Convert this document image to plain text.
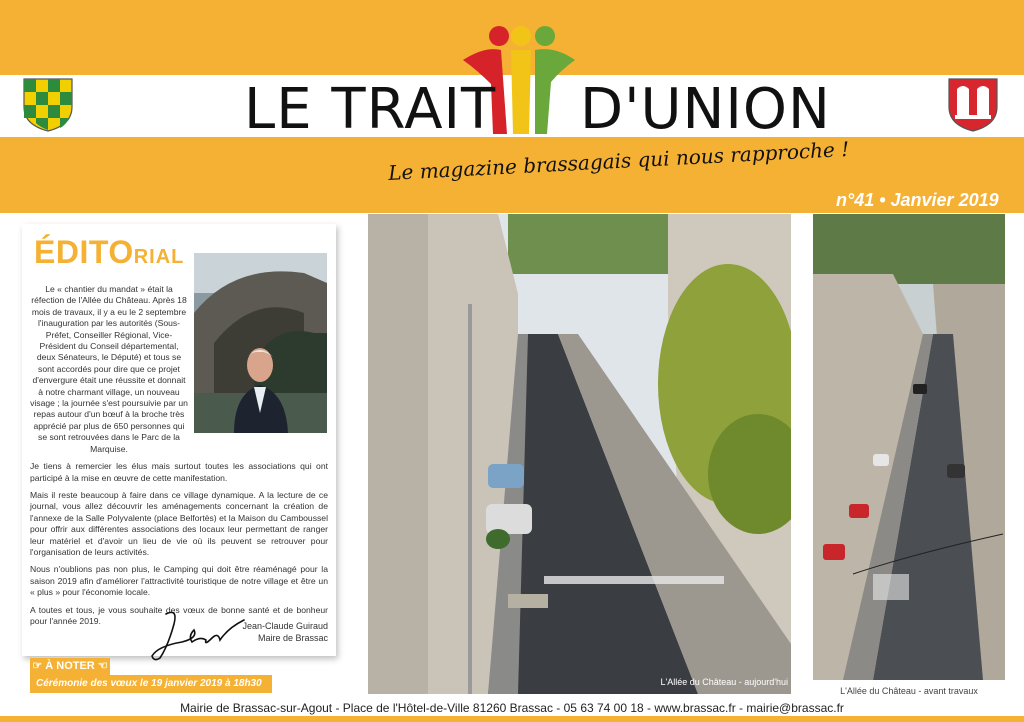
LE TRAIT D'UNION
Le magazine brassagais qui nous rapproche !
n°41 • Janvier 2019
ÉDITORIAL

Le « chantier du mandat » était la réfection de l'Allée du Château. Après 18 mois de travaux, il y a eu le 2 septembre l'inauguration par les autorités (Sous-Préfet, Conseiller Régional, Vice-Président du Conseil départemental, deux Sénateurs, le Député) et tous se sont accordés pour dire que ce projet d'envergure était une réussite et donnait à notre charmant village, un nouveau visage ; la journée s'est poursuivie par un repas autour d'un bœuf à la broche très apprécié par plus de 650 personnes qui se sont retrouvées dans le Parc de la Marquise.

Je tiens à remercier les élus mais surtout toutes les associations qui ont participé à la mise en œuvre de cette manifestation.

Mais il reste beaucoup à faire dans ce village dynamique. A la lecture de ce journal, vous allez découvrir les aménagements concernant la création de l'annexe de la Salle Polyvalente (place Belfortès) et la Maison du Camboussel pour offrir aux différentes associations des locaux leur permettant de ranger leur matériel et d'avoir un lieu de vie où ils peuvent se retrouver pour l'organisation de leurs activités.

Nous n'oublions pas non plus, le Camping qui doit être réaménagé pour la saison 2019 afin d'améliorer l'attractivité touristique de notre village et être un « plus » pour l'économie locale.

A toutes et tous, je vous souhaite des vœux de bonne santé et de bonheur pour l'année 2019.

Jean-Claude Guiraud
Maire de Brassac
☞ À NOTER ☜
Cérémonie des vœux le 19 janvier 2019 à 18h30	L'Allée du Château - aujourd'hui
L'Allée du Château - avant travaux
Mairie de Brassac-sur-Agout - Place de l'Hôtel-de-Ville 81260 Brassac - 05 63 74 00 18 - www.brassac.fr - mairie@brassac.fr
